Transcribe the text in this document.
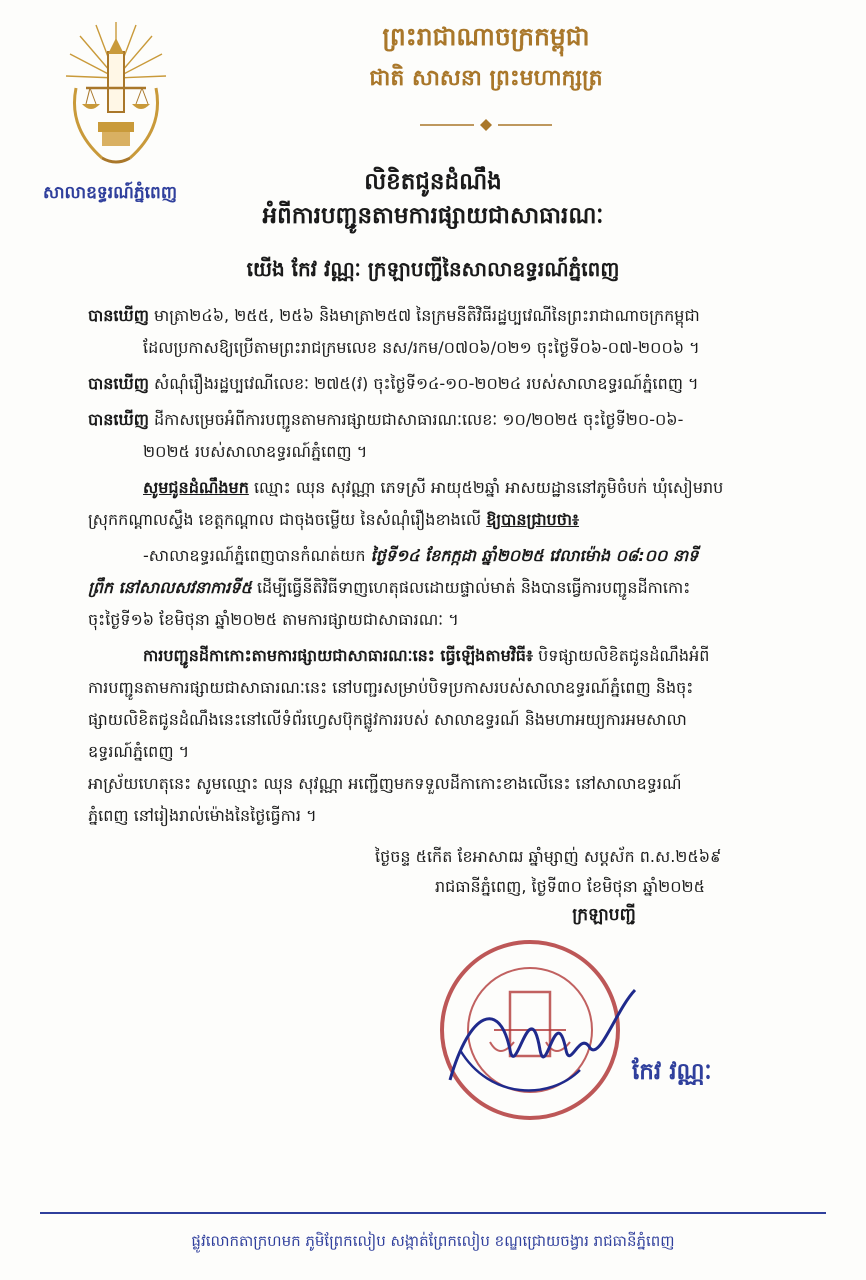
សាលាឧទ្ធរណ៍ភ្នំពេញ
ព្រះរាជាណាចក្រកម្ពុជា
ជាតិ សាសនា ព្រះមហាក្សត្រ
លិខិតជូនដំណឹង
អំពីការបញ្ជូនតាមការផ្សាយជាសាធារណៈ
យើង កែវ វណ្ណៈ ក្រឡាបញ្ជីនៃសាលាឧទ្ធរណ៍ភ្នំពេញ
បានឃើញ មាត្រា២៤៦, ២៥៥, ២៥៦ និងមាត្រា២៥៧ នៃក្រមនីតិវិធីរដ្ឋប្បវេណីនៃព្រះរាជាណាចក្រកម្ពុជា
ដែលប្រកាសឱ្យប្រើតាមព្រះរាជក្រមលេខ នស/រកម/០៧០៦/០២១ ចុះថ្ងៃទី០៦-០៧-២០០៦ ។
បានឃើញ សំណុំរឿងរដ្ឋប្បវេណីលេខៈ ២៧៥(វ) ចុះថ្ងៃទី១៤-១០-២០២៤ របស់សាលាឧទ្ធរណ៍ភ្នំពេញ ។
បានឃើញ ដីកាសម្រេចអំពីការបញ្ជូនតាមការផ្សាយជាសាធារណៈលេខៈ ១០/២០២៥ ចុះថ្ងៃទី២០-០៦-
២០២៥ របស់សាលាឧទ្ធរណ៍ភ្នំពេញ ។
សូមជូនដំណឹងមក ឈ្មោះ ឈុន សុវណ្ណា ភេទស្រី អាយុ៥២ឆ្នាំ អាសយដ្ឋាននៅភូមិចំបក់ ឃុំសៀមរាប
ស្រុកកណ្តាលស្ទឹង ខេត្តកណ្តាល ជាចុងចម្លើយ នៃសំណុំរឿងខាងលើ ឱ្យបានជ្រាបថា៖
-សាលាឧទ្ធរណ៍ភ្នំពេញបានកំណត់យក ថ្ងៃទី១៤ ខែកក្កដា ឆ្នាំ២០២៥ វេលាម៉ោង ០៨:០០ នាទី
ព្រឹក នៅសាលសវនាការទី៥ ដើម្បីធ្វើនីតិវិធីទាញហេតុផលដោយផ្ទាល់មាត់ និងបានធ្វើការបញ្ជូនដីកាកោះ
ចុះថ្ងៃទី១៦ ខែមិថុនា ឆ្នាំ២០២៥ តាមការផ្សាយជាសាធារណៈ ។
ការបញ្ជូនដីកាកោះតាមការផ្សាយជាសាធារណៈនេះ ធ្វើឡើងតាមវិធី៖ បិទផ្សាយលិខិតជូនដំណឹងអំពី
ការបញ្ជូនតាមការផ្សាយជាសាធារណៈនេះ នៅបញ្ជរសម្រាប់បិទប្រកាសរបស់សាលាឧទ្ធរណ៍ភ្នំពេញ និងចុះ
ផ្សាយលិខិតជូនដំណឹងនេះនៅលើទំព័រហ្វេសប៊ុកផ្លូវការរបស់ សាលាឧទ្ធរណ៍ និងមហាអយ្យការអមសាលា
ឧទ្ធរណ៍ភ្នំពេញ ។
អាស្រ័យហេតុនេះ សូមឈ្មោះ ឈុន សុវណ្ណា អញ្ជើញមកទទួលដីកាកោះខាងលើនេះ នៅសាលាឧទ្ធរណ៍
ភ្នំពេញ នៅរៀងរាល់ម៉ោងនៃថ្ងៃធ្វើការ ។
ថ្ងៃចន្ទ ៥កើត ខែអាសាឍ ឆ្នាំម្សាញ់ សប្តស័ក ព.ស.២៥៦៩
រាជធានីភ្នំពេញ, ថ្ងៃទី៣០ ខែមិថុនា ឆ្នាំ២០២៥
ក្រឡាបញ្ជី
កែវ វណ្ណៈ
ផ្លូវលោកតាក្រហមក ភូមិព្រែកលៀប សង្កាត់ព្រែកលៀប ខណ្ឌជ្រោយចង្វារ រាជធានីភ្នំពេញ
